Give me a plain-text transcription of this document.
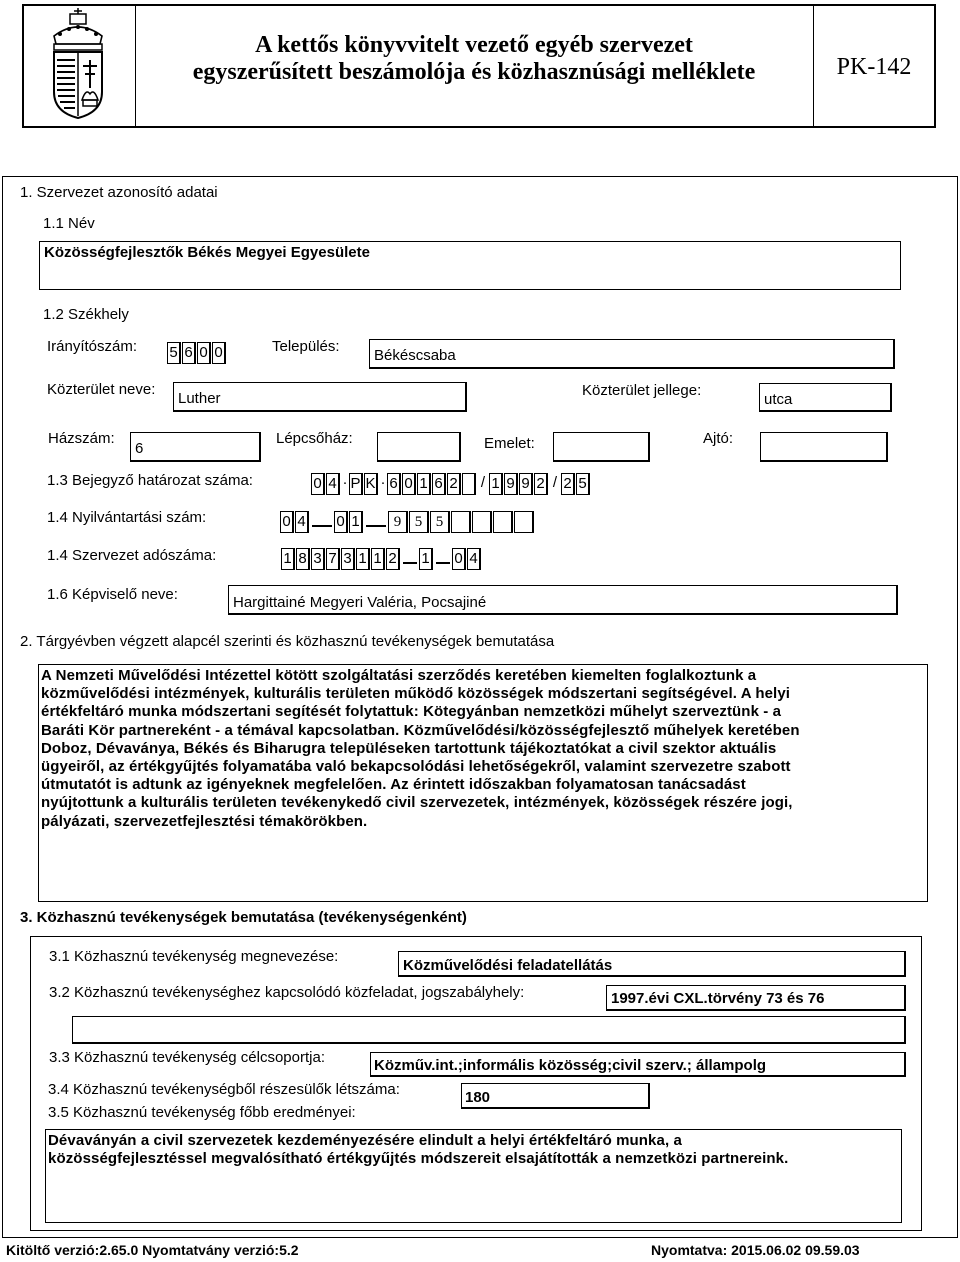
A kettős könyvvitelt vezető egyéb szervezet
egyszerűsített beszámolója és közhasznúsági melléklete	PK-142
1. Szervezet azonosító adatai
1.1 Név
Közösségfejlesztők Békés Megyei Egyesülete
1.2 Székhely
Irányítószám: 5 6 0 0	Település:
Békéscsaba
Közterület neve:
Luther	Közterület jellege:
utca
Házszám:
6
Lépcsőház:	Emelet:	Ajtó:
1.3 Bejegyző határozat száma:	0 4 · P K · 6 0 1 6 2 / 1 9 9 2 / 2 5
1.4 Nyilvántartási szám:	0 4 0 1	9 5 5
1.4 Szervezet adószáma:	1 8 3 7 3 1 1 2 1 0 4
1.6 Képviselő neve:	Hargittainé Megyeri Valéria, Pocsajiné
2. Tárgyévben végzett alapcél szerinti és közhasznú tevékenységek bemutatása
A Nemzeti Művelődési Intézettel kötött szolgáltatási szerződés keretében kiemelten foglalkoztunk a
közművelődési intézmények, kulturális területen működő közösségek módszertani segítségével. A helyi
értékfeltáró munka módszertani segítését folytattuk: Kötegyánban nemzetközi műhelyt szerveztünk - a
Baráti Kör partnereként - a témával kapcsolatban. Közművelődési/közösségfejlesztő műhelyek keretében
Doboz, Dévaványa, Békés és Biharugra településeken tartottunk tájékoztatókat a civil szektor aktuális
ügyeiről, az értékgyűjtés folyamatába való bekapcsolódási lehetőségekről, valamint szervezetre szabott
útmutatót is adtunk az igényeknek megfelelően. Az érintett időszakban folyamatosan tanácsadást
nyújtottunk a kulturális területen tevékenykedő civil szervezetek, intézmények, közösségek részére jogi,
pályázati, szervezetfejlesztési témakörökben.
3. Közhasznú tevékenységek bemutatása (tevékenységenként)
3.1 Közhasznú tevékenység megnevezése:
Közművelődési feladatellátás
3.2 Közhasznú tevékenységhez kapcsolódó közfeladat, jogszabályhely:	1997.évi CXL.törvény 73 és 76
3.3 Közhasznú tevékenység célcsoportja:	Közműv.int.;informális közösség;civil szerv.; állampolg
3.4 Közhasznú tevékenységből részesülők létszáma:	180
3.5 Közhasznú tevékenység főbb eredményei:
Dévaványán a civil szervezetek kezdeményezésére elindult a helyi értékfeltáró munka, a
közösségfejlesztéssel megvalósítható értékgyűjtés módszereit elsajátították a nemzetközi partnereink.
Kitöltő verzió:2.65.0 Nyomtatvány verzió:5.2	Nyomtatva: 2015.06.02 09.59.03
